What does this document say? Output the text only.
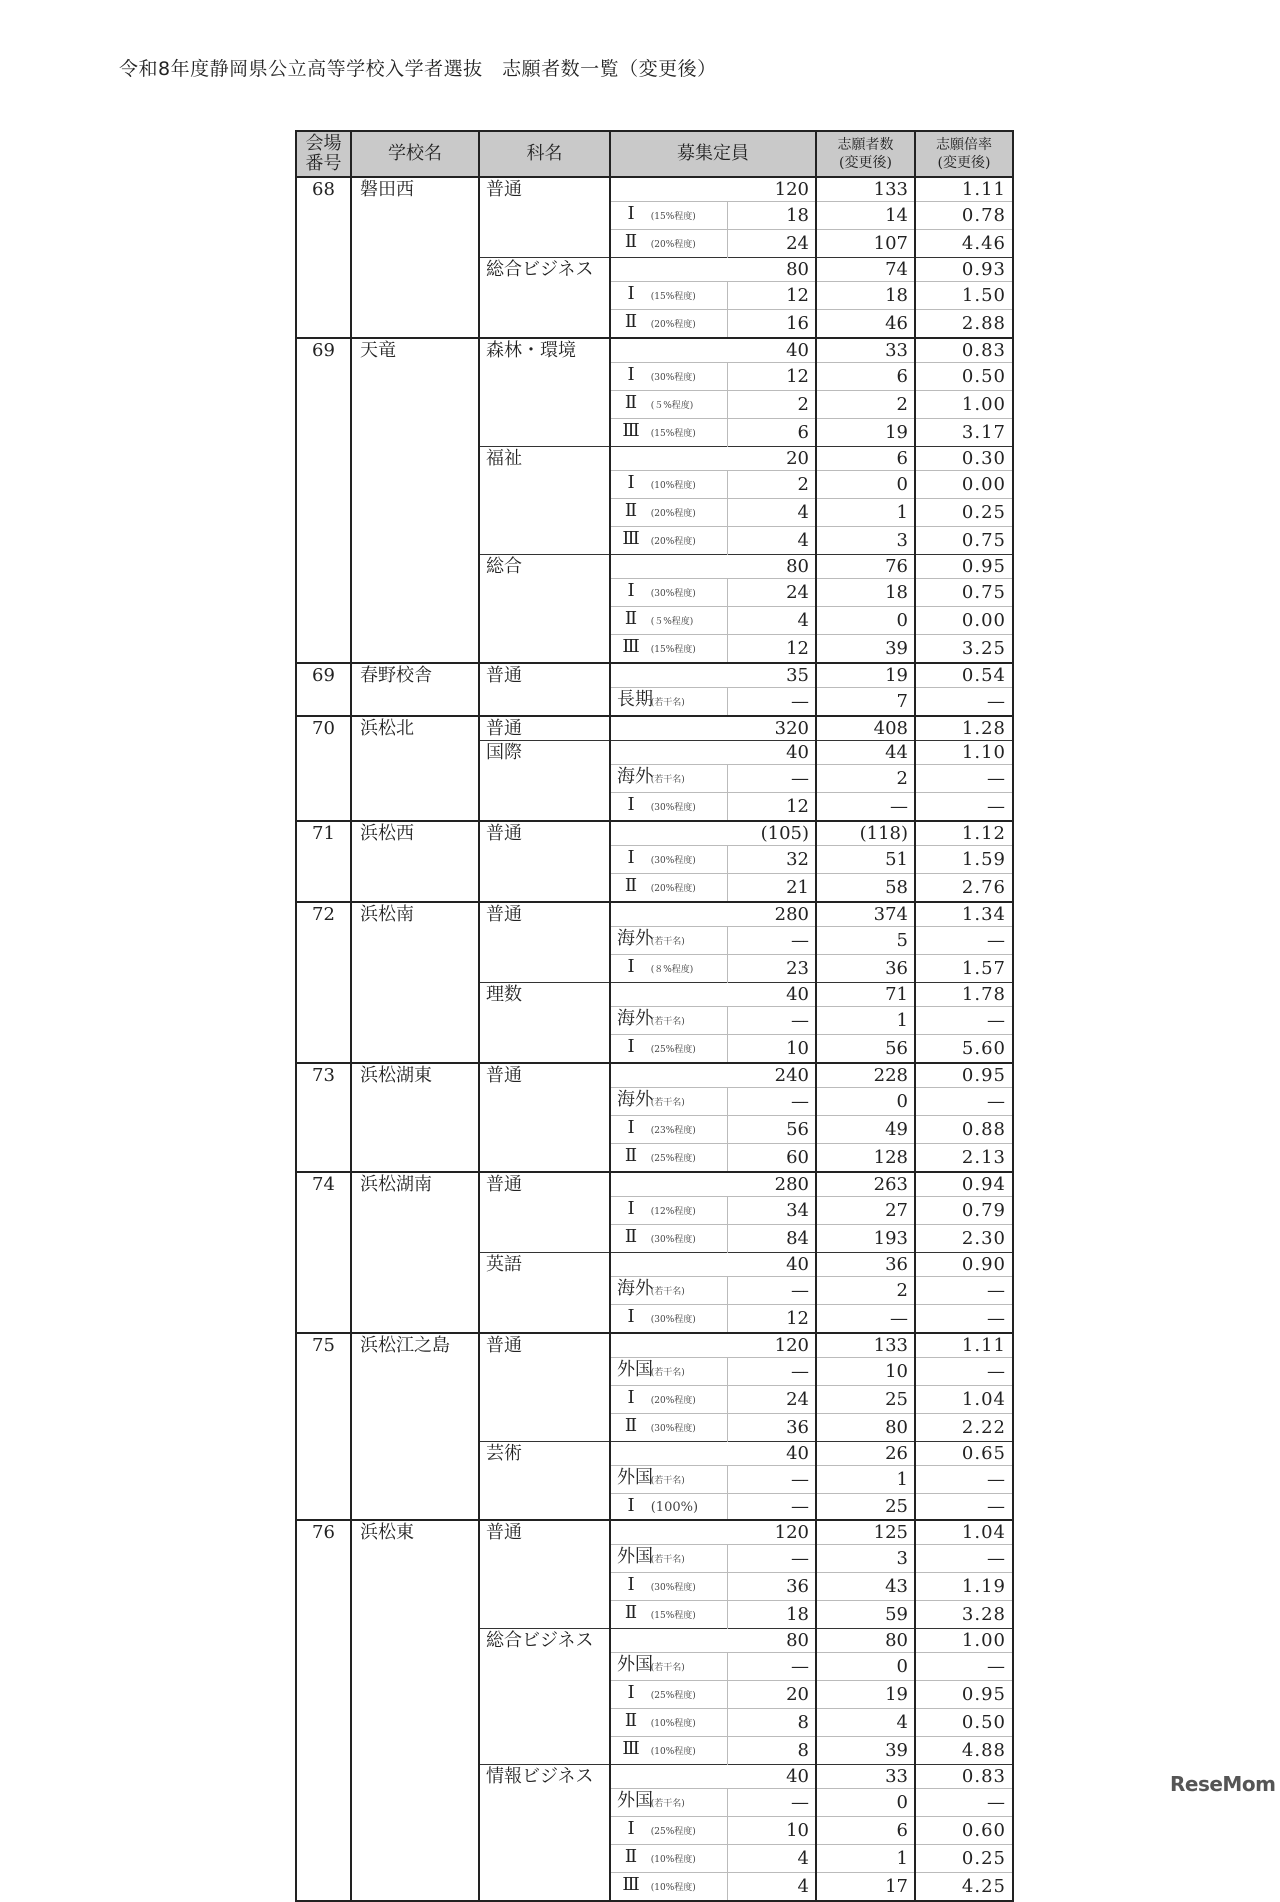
令和8年度静岡県公立高等学校入学者選抜　志願者数一覧（変更後）
会場
番号	学校名	科名	募集定員	志願者数
(変更後)	志願倍率
(変更後)
68	磐田西	普通	120	133	1.11
Ⅰ (15%程度)	18	14	0.78
Ⅱ (20%程度)	24	107	4.46
総合ビジネス	80	74	0.93
Ⅰ (15%程度)	12	18	1.50
Ⅱ (20%程度)	16	46	2.88
69	天竜	森林・環境	40	33	0.83
Ⅰ (30%程度)	12	6	0.50
Ⅱ (５%程度)	2	2	1.00
Ⅲ (15%程度)	6	19	3.17
福祉	20	6	0.30
Ⅰ (10%程度)	2	0	0.00
Ⅱ (20%程度)	4	1	0.25
Ⅲ (20%程度)	4	3	0.75
総合	80	76	0.95
Ⅰ (30%程度)	24	18	0.75
Ⅱ (５%程度)	4	0	0.00
Ⅲ (15%程度)	12	39	3.25
69	春野校舎	普通	35	19	0.54
長期 (若干名)	—	7	—
70	浜松北	普通	320	408	1.28
国際	40	44	1.10
海外 (若干名)	—	2	—
Ⅰ (30%程度)	12	—	—
71	浜松西	普通	(105)	(118)	1.12
Ⅰ (30%程度)	32	51	1.59
Ⅱ (20%程度)	21	58	2.76
72	浜松南	普通	280	374	1.34
海外 (若干名)	—	5	—
Ⅰ (８%程度)	23	36	1.57
理数	40	71	1.78
海外 (若干名)	—	1	—
Ⅰ (25%程度)	10	56	5.60
73	浜松湖東	普通	240	228	0.95
海外 (若干名)	—	0	—
Ⅰ (23%程度)	56	49	0.88
Ⅱ (25%程度)	60	128	2.13
74	浜松湖南	普通	280	263	0.94
Ⅰ (12%程度)	34	27	0.79
Ⅱ (30%程度)	84	193	2.30
英語	40	36	0.90
海外 (若干名)	—	2	—
Ⅰ (30%程度)	12	—	—
75	浜松江之島	普通	120	133	1.11
外国 (若干名)	—	10	—
Ⅰ (20%程度)	24	25	1.04
Ⅱ (30%程度)	36	80	2.22
芸術	40	26	0.65
外国 (若干名)	—	1	—
Ⅰ (100%)	—	25	—
76	浜松東	普通	120	125	1.04
外国 (若干名)	—	3	—
Ⅰ (30%程度)	36	43	1.19
Ⅱ (15%程度)	18	59	3.28
総合ビジネス	80	80	1.00
外国 (若干名)	—	0	—
Ⅰ (25%程度)	20	19	0.95
Ⅱ (10%程度)	8	4	0.50
Ⅲ (10%程度)	8	39	4.88
情報ビジネス	40	33	0.83
外国 (若干名)	—	0	—
Ⅰ (25%程度)	10	6	0.60
Ⅱ (10%程度)	4	1	0.25
Ⅲ (10%程度)	4	17	4.25
ReseMom
